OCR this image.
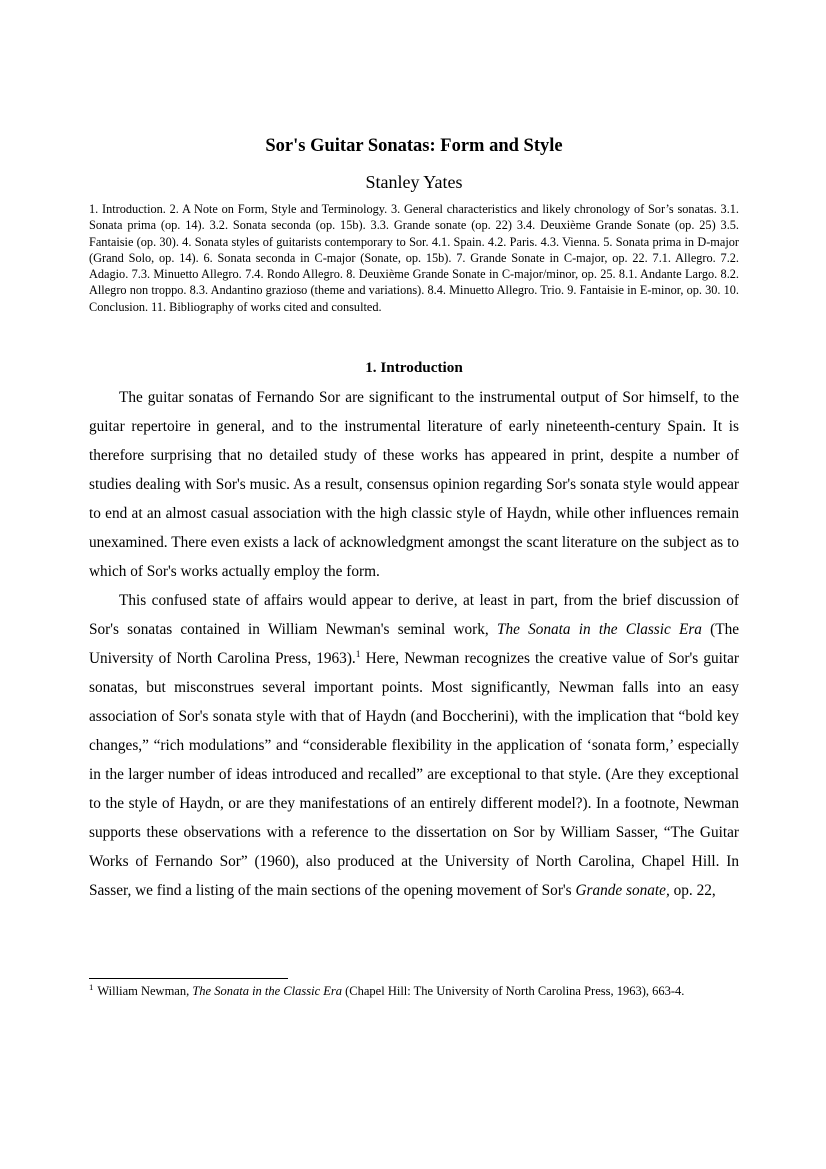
Sor's Guitar Sonatas: Form and Style
Stanley Yates
1. Introduction. 2. A Note on Form, Style and Terminology. 3. General characteristics and likely chronology of Sor’s sonatas. 3.1. Sonata prima (op. 14). 3.2. Sonata seconda (op. 15b). 3.3. Grande sonate (op. 22) 3.4. Deuxième Grande Sonate (op. 25) 3.5. Fantaisie (op. 30). 4. Sonata styles of guitarists contemporary to Sor. 4.1. Spain. 4.2. Paris. 4.3. Vienna. 5. Sonata prima in D-major (Grand Solo, op. 14). 6. Sonata seconda in C-major (Sonate, op. 15b). 7. Grande Sonate in C-major, op. 22. 7.1. Allegro. 7.2. Adagio. 7.3. Minuetto Allegro. 7.4. Rondo Allegro. 8. Deuxième Grande Sonate in C-major/minor, op. 25. 8.1. Andante Largo. 8.2. Allegro non troppo. 8.3. Andantino grazioso (theme and variations). 8.4. Minuetto Allegro. Trio. 9. Fantaisie in E-minor, op. 30. 10. Conclusion. 11. Bibliography of works cited and consulted.
1. Introduction

The guitar sonatas of Fernando Sor are significant to the instrumental output of Sor himself, to the guitar repertoire in general, and to the instrumental literature of early nineteenth-century Spain. It is therefore surprising that no detailed study of these works has appeared in print, despite a number of studies dealing with Sor's music. As a result, consensus opinion regarding Sor's sonata style would appear to end at an almost casual association with the high classic style of Haydn, while other influences remain unexamined. There even exists a lack of acknowledgment amongst the scant literature on the subject as to which of Sor's works actually employ the form.

This confused state of affairs would appear to derive, at least in part, from the brief discussion of Sor's sonatas contained in William Newman's seminal work, The Sonata in the Classic Era (The University of North Carolina Press, 1963).$^1$ Here, Newman recognizes the creative value of Sor's guitar sonatas, but misconstrues several important points. Most significantly, Newman falls into an easy association of Sor's sonata style with that of Haydn (and Boccherini), with the implication that “bold key changes,” “rich modulations” and “considerable flexibility in the application of ‘sonata form,’ especially in the larger number of ideas introduced and recalled” are exceptional to that style. (Are they exceptional to the style of Haydn, or are they manifestations of an entirely different model?). In a footnote, Newman supports these observations with a reference to the dissertation on Sor by William Sasser, “The Guitar Works of Fernando Sor” (1960), also produced at the University of North Carolina, Chapel Hill. In Sasser, we find a listing of the main sections of the opening movement of Sor's Grande sonate, op. 22,

$^1$ William Newman, The Sonata in the Classic Era (Chapel Hill: The University of North Carolina Press, 1963), 663-4.
